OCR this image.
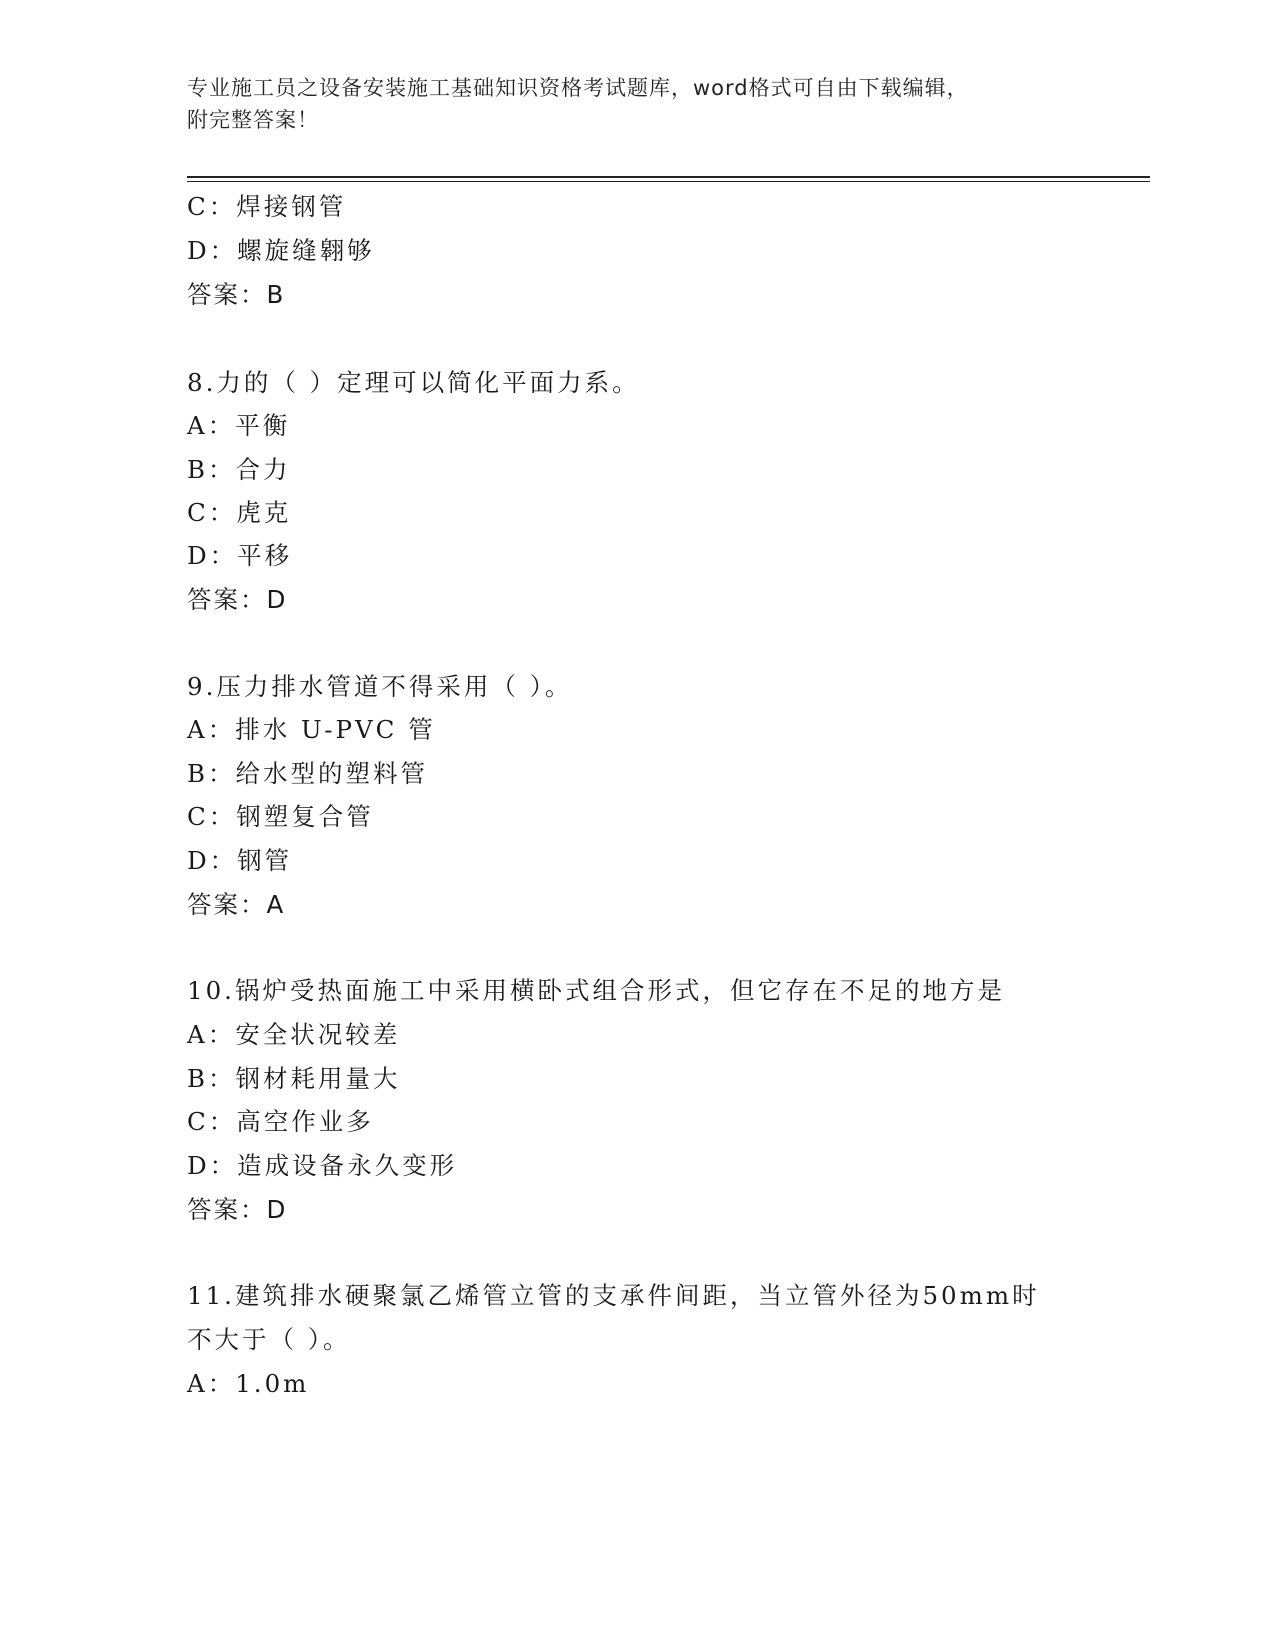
专业施工员之设备安装施工基础知识资格考试题库，word格式可自由下载编辑，
附完整答案！
C：焊接钢管
D：螺旋缝翱够
答案：B
8.力的（ ）定理可以简化平面力系。
A：平衡
B：合力
C：虎克
D：平移
答案：D
9.压力排水管道不得采用（ ）。
A：排水 U-PVC 管
B：给水型的塑料管
C：钢塑复合管
D：钢管
答案：A
10.锅炉受热面施工中采用横卧式组合形式，但它存在不足的地方是
A：安全状况较差
B：钢材耗用量大
C：高空作业多
D：造成设备永久变形
答案：D
11.建筑排水硬聚氯乙烯管立管的支承件间距，当立管外径为50mm时
不大于（ ）。
A：1.0m
